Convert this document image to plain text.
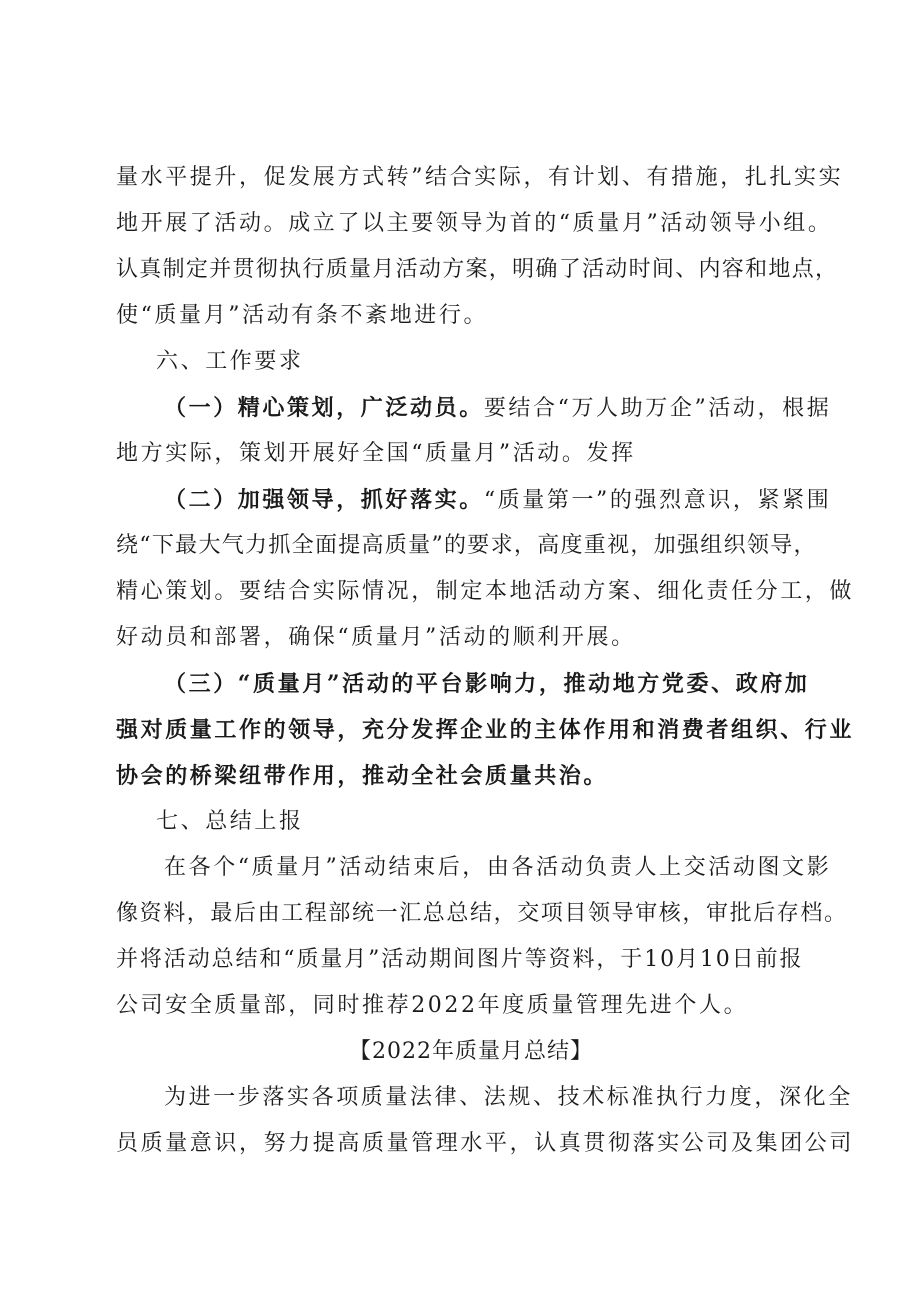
量水平提升，促发展方式转”结合实际，有计划、有措施，扎扎实实
地开展了活动。成立了以主要领导为首的“质量月”活动领导小组。
认真制定并贯彻执行质量月活动方案，明确了活动时间、内容和地点，
使“质量月”活动有条不紊地进行。
六、工作要求
（一）精心策划，广泛动员。要结合“万人助万企”活动，根据
地方实际，策划开展好全国“质量月”活动。发挥
（二）加强领导，抓好落实。“质量第一”的强烈意识，紧紧围
绕“下最大气力抓全面提高质量”的要求，高度重视，加强组织领导，
精心策划。要结合实际情况，制定本地活动方案、细化责任分工，做
好动员和部署，确保“质量月”活动的顺利开展。
（三）“质量月”活动的平台影响力，推动地方党委、政府加
强对质量工作的领导，充分发挥企业的主体作用和消费者组织、行业
协会的桥梁纽带作用，推动全社会质量共治。
七、总结上报
在各个“质量月”活动结束后，由各活动负责人上交活动图文影
像资料，最后由工程部统一汇总总结，交项目领导审核，审批后存档。
并将活动总结和“质量月”活动期间图片等资料，于10月10日前报
公司安全质量部，同时推荐2022年度质量管理先进个人。
【2022年质量月总结】
为进一步落实各项质量法律、法规、技术标准执行力度，深化全
员质量意识，努力提高质量管理水平，认真贯彻落实公司及集团公司
